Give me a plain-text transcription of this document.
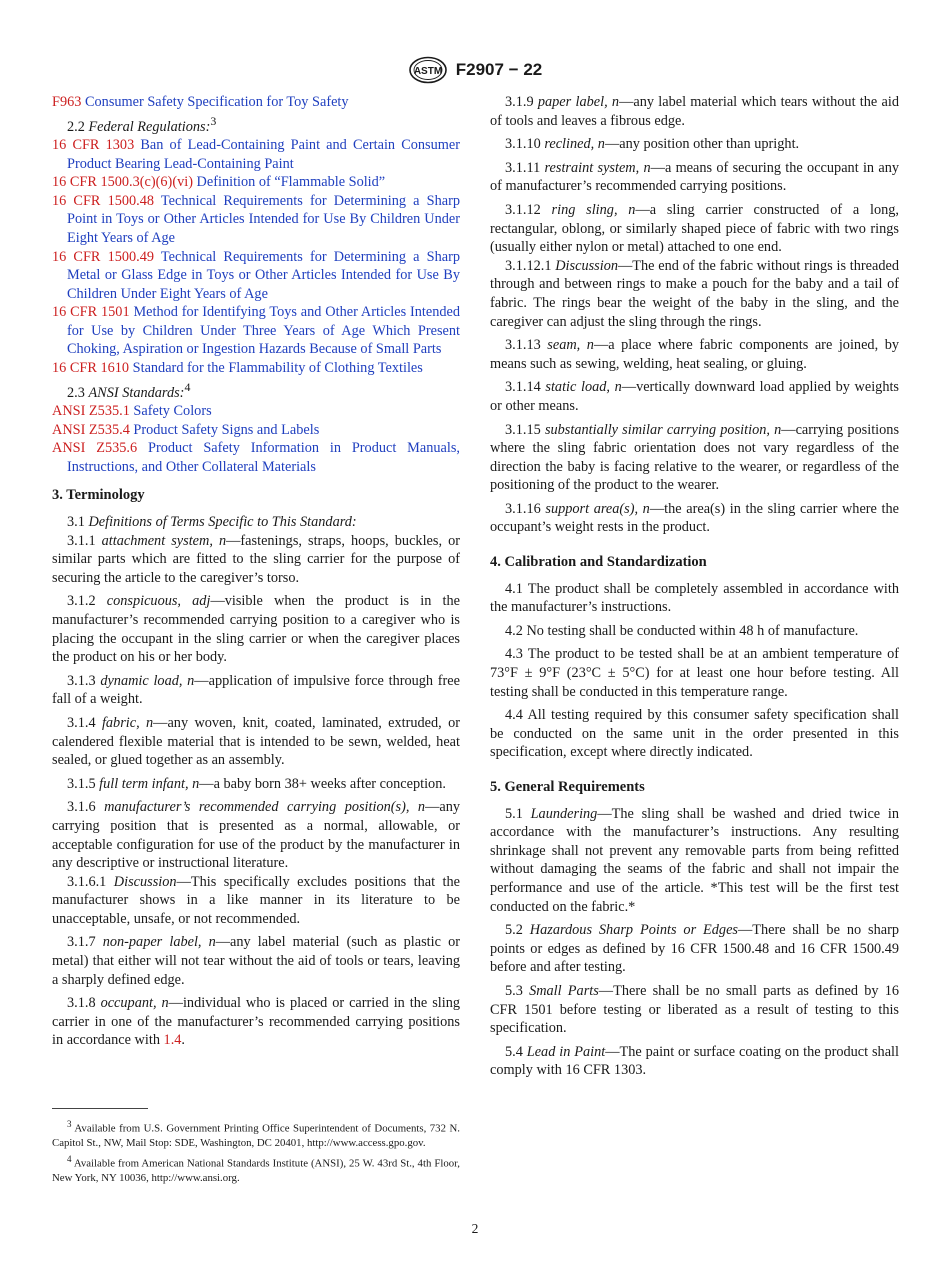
ASTM F2907 − 22

F963 Consumer Safety Specification for Toy Safety

2.2 Federal Regulations:$^3$

16 CFR 1303 Ban of Lead-Containing Paint and Certain Consumer Product Bearing Lead-Containing Paint

16 CFR 1500.3(c)(6)(vi) Definition of “Flammable Solid”

16 CFR 1500.48 Technical Requirements for Determining a Sharp Point in Toys or Other Articles Intended for Use By Children Under Eight Years of Age

16 CFR 1500.49 Technical Requirements for Determining a Sharp Metal or Glass Edge in Toys or Other Articles Intended for Use By Children Under Eight Years of Age

16 CFR 1501 Method for Identifying Toys and Other Articles Intended for Use by Children Under Three Years of Age Which Present Choking, Aspiration or Ingestion Hazards Because of Small Parts

16 CFR 1610 Standard for the Flammability of Clothing Textiles

2.3 ANSI Standards:$^4$

ANSI Z535.1 Safety Colors

ANSI Z535.4 Product Safety Signs and Labels

ANSI Z535.6 Product Safety Information in Product Manuals, Instructions, and Other Collateral Materials

3. Terminology

3.1 Definitions of Terms Specific to This Standard:

3.1.1 attachment system, n—fastenings, straps, hoops, buckles, or similar parts which are fitted to the sling carrier for the purpose of securing the article to the caregiver’s torso.

3.1.2 conspicuous, adj—visible when the product is in the manufacturer’s recommended carrying position to a caregiver who is placing the occupant in the sling carrier or when the caregiver places the product on his or her body.

3.1.3 dynamic load, n—application of impulsive force through free fall of a weight.

3.1.4 fabric, n—any woven, knit, coated, laminated, extruded, or calendered flexible material that is intended to be sewn, welded, heat sealed, or glued together as an assembly.

3.1.5 full term infant, n—a baby born 38+ weeks after conception.

3.1.6 manufacturer’s recommended carrying position(s), n—any carrying position that is presented as a normal, allowable, or acceptable configuration for use of the product by the manufacturer in any descriptive or instructional literature.

3.1.6.1 Discussion—This specifically excludes positions that the manufacturer shows in a like manner in its literature to be unacceptable, unsafe, or not recommended.

3.1.7 non-paper label, n—any label material (such as plastic or metal) that either will not tear without the aid of tools or tears, leaving a sharply defined edge.

3.1.8 occupant, n—individual who is placed or carried in the sling carrier in one of the manufacturer’s recommended carrying positions in accordance with 1.4.

$^3$ Available from U.S. Government Printing Office Superintendent of Documents, 732 N. Capitol St., NW, Mail Stop: SDE, Washington, DC 20401, http://www.access.gpo.gov.

$^4$ Available from American National Standards Institute (ANSI), 25 W. 43rd St., 4th Floor, New York, NY 10036, http://www.ansi.org.

3.1.9 paper label, n—any label material which tears without the aid of tools and leaves a fibrous edge.

3.1.10 reclined, n—any position other than upright.

3.1.11 restraint system, n—a means of securing the occupant in any of manufacturer’s recommended carrying positions.

3.1.12 ring sling, n—a sling carrier constructed of a long, rectangular, oblong, or similarly shaped piece of fabric with two rings (usually either nylon or metal) attached to one end.

3.1.12.1 Discussion—The end of the fabric without rings is threaded through and between rings to make a pouch for the baby and a tail of fabric. The rings bear the weight of the baby in the sling, and the caregiver can adjust the sling through the rings.

3.1.13 seam, n—a place where fabric components are joined, by means such as sewing, welding, heat sealing, or gluing.

3.1.14 static load, n—vertically downward load applied by weights or other means.

3.1.15 substantially similar carrying position, n—carrying positions where the sling fabric orientation does not vary regardless of the direction the baby is facing relative to the wearer, or regardless of the positioning of the product to the wearer.

3.1.16 support area(s), n—the area(s) in the sling carrier where the occupant’s weight rests in the product.

4. Calibration and Standardization

4.1 The product shall be completely assembled in accordance with the manufacturer’s instructions.

4.2 No testing shall be conducted within 48 h of manufacture.

4.3 The product to be tested shall be at an ambient temperature of 73°F ± 9°F (23°C ± 5°C) for at least one hour before testing. All testing shall be conducted in this temperature range.

4.4 All testing required by this consumer safety specification shall be conducted on the same unit in the order presented in this specification, except where directly indicated.

5. General Requirements

5.1 Laundering—The sling shall be washed and dried twice in accordance with the manufacturer’s instructions. Any resulting shrinkage shall not prevent any removable parts from being refitted without damaging the seams of the fabric and shall not impair the performance and use of the article. *This test will be the first test conducted on the fabric.*

5.2 Hazardous Sharp Points or Edges—There shall be no sharp points or edges as defined by 16 CFR 1500.48 and 16 CFR 1500.49 before and after testing.

5.3 Small Parts—There shall be no small parts as defined by 16 CFR 1501 before testing or liberated as a result of testing to this specification.

5.4 Lead in Paint—The paint or surface coating on the product shall comply with 16 CFR 1303.

2
